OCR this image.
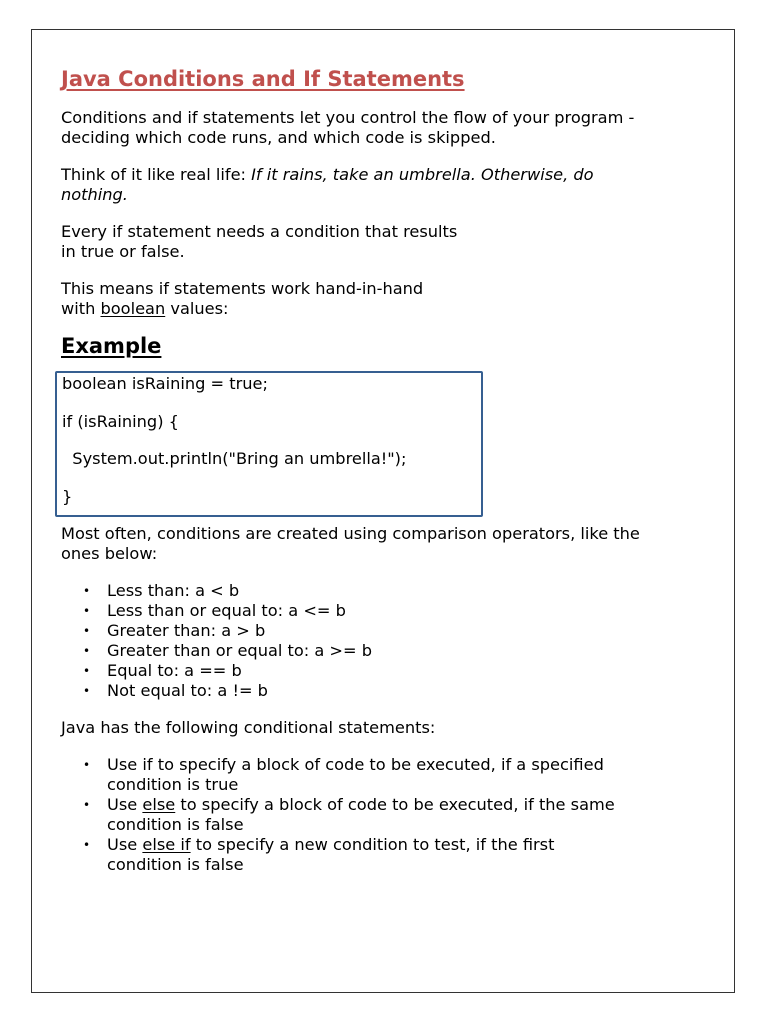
Java Conditions and If Statements

Conditions and if statements let you control the flow of your program - deciding which code runs, and which code is skipped.

Think of it like real life: If it rains, take an umbrella. Otherwise, do nothing.

Every if statement needs a condition that results
in true or false.

This means if statements work hand-in-hand
with boolean values:

Example
boolean isRaining = true;
if (isRaining) {
System.out.println("Bring an umbrella!");
}

Most often, conditions are created using comparison operators, like the ones below:

• Less than: a < b
• Less than or equal to: a <= b
• Greater than: a > b
• Greater than or equal to: a >= b
• Equal to: a == b
• Not equal to: a != b

Java has the following conditional statements:

• Use if to specify a block of code to be executed, if a specified condition is true
• Use else to specify a block of code to be executed, if the same condition is false
• Use else if to specify a new condition to test, if the first condition is false
